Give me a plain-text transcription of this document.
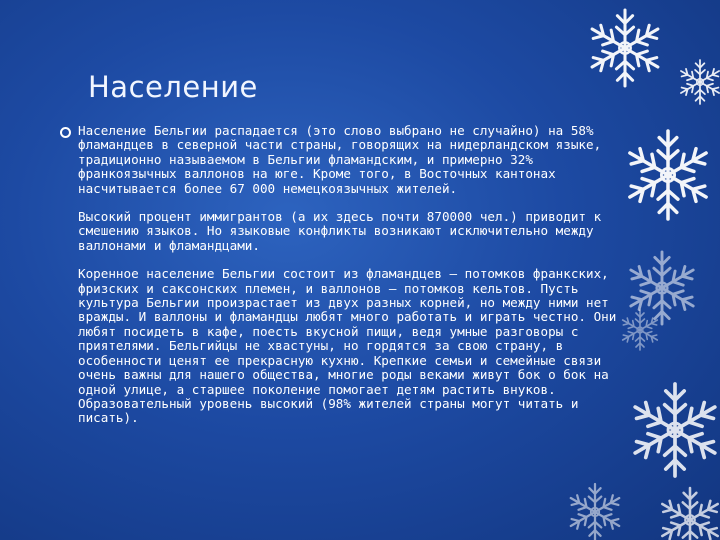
Население

Население Бельгии распадается (это слово выбрано не случайно) на 58% фламандцев в северной части страны, говорящих на нидерландском языке, традиционно называемом в Бельгии фламандским, и примерно 32% франкоязычных валлонов на юге. Кроме того, в Восточных кантонах насчитывается более 67 000 немецкоязычных жителей.

Высокий процент иммигрантов (а их здесь почти 870000 чел.) приводит к смешению языков. Но языковые конфликты возникают исключительно между валлонами и фламандцами.

Коренное население Бельгии состоит из фламандцев – потомков франкских, фризских и саксонских племен, и валлонов – потомков кельтов. Пусть культура Бельгии произрастает из двух разных корней, но между ними нет вражды. И валлоны и фламандцы любят много работать и играть честно. Они любят посидеть в кафе, поесть вкусной пищи, ведя умные разговоры с приятелями. Бельгийцы не хвастуны, но гордятся за свою страну, в особенности ценят ее прекрасную кухню. Крепкие семьи и семейные связи очень важны для нашего общества, многие роды веками живут бок о бок на одной улице, а старшее поколение помогает детям растить внуков. Образовательный уровень высокий (98% жителей страны могут читать и писать).
